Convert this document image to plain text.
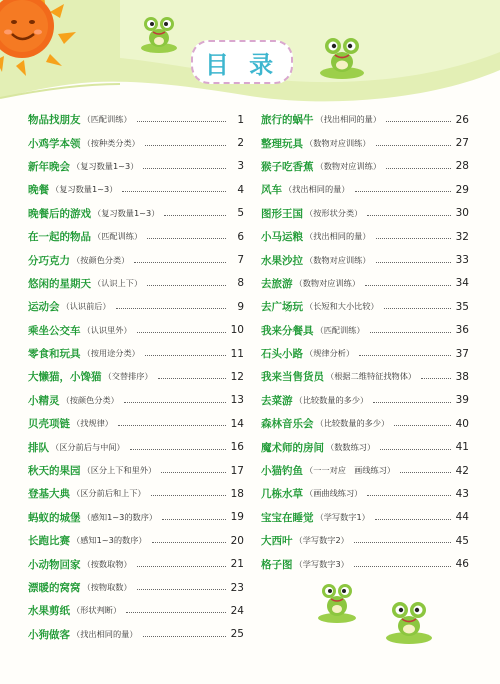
目 录
物品找朋友 （匹配训练）	1
小鸡学本领 （按种类分类）	2
新年晚会 （复习数量1~3）	3
晚餐 （复习数量1~3）	4
晚餐后的游戏 （复习数量1~3）	5
在一起的物品 （匹配训练）	6
分巧克力 （按颜色分类）	7
悠闲的星期天 （认识上下）	8
运动会 （认识前后）	9
乘坐公交车 （认识里外）	10
零食和玩具 （按用途分类）	11
大懒猫，小馋猫 （交替排序）	12
小精灵 （按颜色分类）	13
贝壳项链 （找规律）	14
排队 （区分前后与中间）	16
秋天的果园 （区分上下和里外）	17
登基大典 （区分前后和上下）	18
蚂蚁的城堡 （感知1~3的数序）	19
长跑比赛 （感知1~3的数序）	20
小动物回家 （按数取物）	21
漂暖的窝窝 （按物取数）	23
水果剪纸 （形状判断）	24
小狗做客 （找出相同的量）	25
旅行的蜗牛 （找出相同的量）	26
整理玩具 （数物对应训练）	27
猴子吃香蕉 （数物对应训练）	28
风车 （找出相同的量）	29
图形王国 （按形状分类）	30
小马运粮 （找出相同的量）	32
水果沙拉 （数物对应训练）	33
去旅游 （数物对应训练）	34
去广场玩 （长短和大小比较）	35
我来分餐具 （匹配训练）	36
石头小路 （规律分析）	37
我来当售货员 （根据二维特征找物体）	38
去菜游 （比较数量的多少）	39
森林音乐会 （比较数量的多少）	40
魔术师的房间 （数数练习）	41
小猫钓鱼 （一一对应　画线练习）	42
几栋水草 （画曲线练习）	43
宝宝在睡觉 （学写数字1）	44
大西叶 （学写数字2）	45
格子图 （学写数字3）	46
